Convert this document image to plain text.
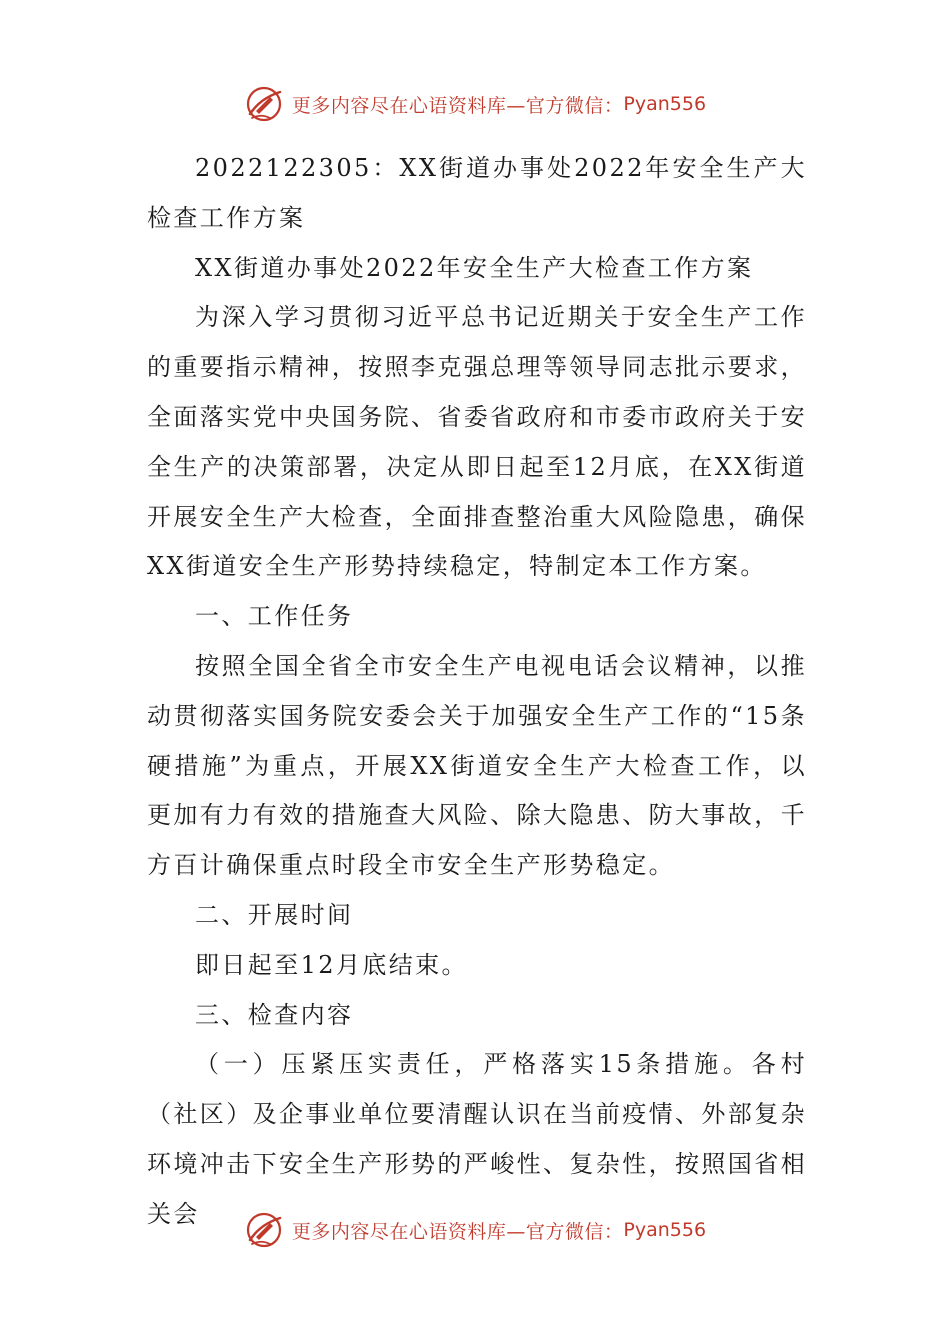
更多内容尽在心语资料库—官方微信： Pyan556

2022122305：XX街道办事处2022年安全生产大检查工作方案

XX街道办事处2022年安全生产大检查工作方案

为深入学习贯彻习近平总书记近期关于安全生产工作的重要指示精神，按照李克强总理等领导同志批示要求，全面落实党中央国务院、省委省政府和市委市政府关于安全生产的决策部署，决定从即日起至12月底，在XX街道开展安全生产大检查，全面排查整治重大风险隐患，确保XX街道安全生产形势持续稳定，特制定本工作方案。

一、工作任务

按照全国全省全市安全生产电视电话会议精神，以推动贯彻落实国务院安委会关于加强安全生产工作的“15条硬措施”为重点，开展XX街道安全生产大检查工作，以更加有力有效的措施查大风险、除大隐患、防大事故，千方百计确保重点时段全市安全生产形势稳定。

二、开展时间

即日起至12月底结束。

三、检查内容

（一）压紧压实责任，严格落实15条措施。各村（社区）及企事业单位要清醒认识在当前疫情、外部复杂环境冲击下安全生产形势的严峻性、复杂性，按照国省相关会

更多内容尽在心语资料库—官方微信： Pyan556
